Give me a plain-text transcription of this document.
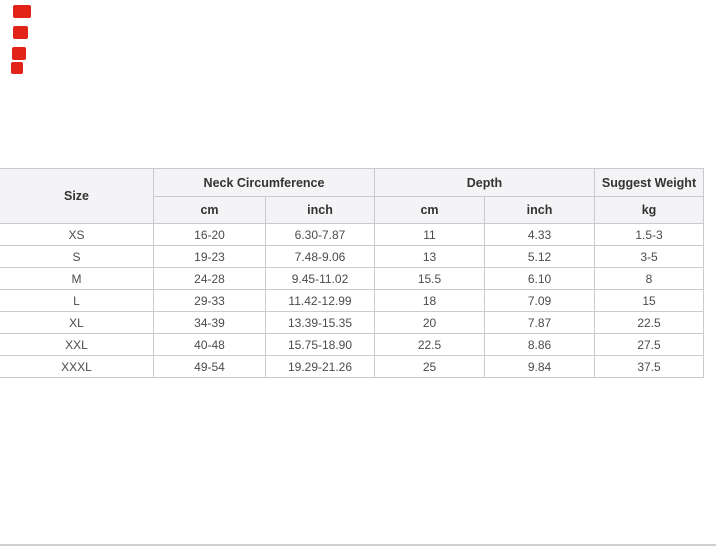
Size	Neck Circumference		Depth		Suggest Weight
	cm	inch	cm	inch	kg
XS	16-20	6.30-7.87	11	4.33	1.5-3
S	19-23	7.48-9.06	13	5.12	3-5
M	24-28	9.45-11.02	15.5	6.10	8
L	29-33	11.42-12.99	18	7.09	15
XL	34-39	13.39-15.35	20	7.87	22.5
XXL	40-48	15.75-18.90	22.5	8.86	27.5
XXXL	49-54	19.29-21.26	25	9.84	37.5
